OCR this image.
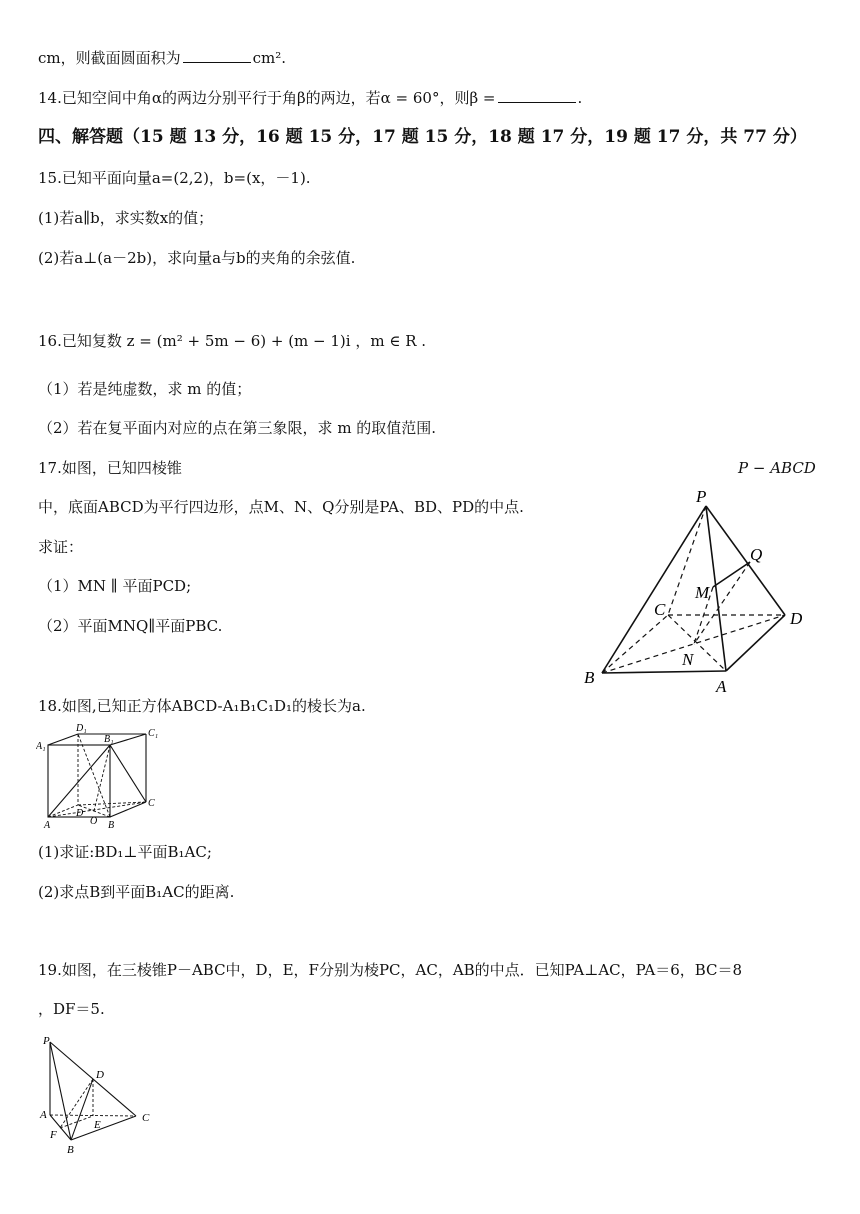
cm，则截面圆面积为	cm².
14.已知空间中角α的两边分别平行于角β的两边，若α = 60°，则β =	.
四、解答题（15 题 13 分，16 题 15 分，17 题 15 分，18 题 17 分，19 题 17 分，共 77 分）
15.已知平面向量a=(2,2)，b=(x，－1).
(1)若a∥b，求实数x的值；
(2)若a⊥(a－2b)，求向量a与b的夹角的余弦值.
16.已知复数 z = (m² + 5m − 6) + (m − 1)i ，m ∈ R .
（1）若是纯虚数，求 m 的值；
（2）若在复平面内对应的点在第三象限，求 m 的取值范围.
17.如图，已知四棱锥	P − ABCD
中，底面ABCD为平行四边形，点M、N、Q分别是PA、BD、PD的中点.
求证：
（1）MN ∥ 平面PCD;
（2）平面MNQ∥平面PBC.
P
Q
M
C	D
N
B	A
18.如图,已知正方体ABCD-A₁B₁C₁D₁的棱长为a.
D₁
B₁
C₁
A₁
D
O
C
A	B
(1)求证:BD₁⊥平面B₁AC;
(2)求点B到平面B₁AC的距离.
19.如图，在三棱锥P－ABC中，D，E，F分别为棱PC，AC，AB的中点．已知PA⊥AC，PA＝6，BC＝8
，DF＝5.
P
D
A	C
E
F
B
